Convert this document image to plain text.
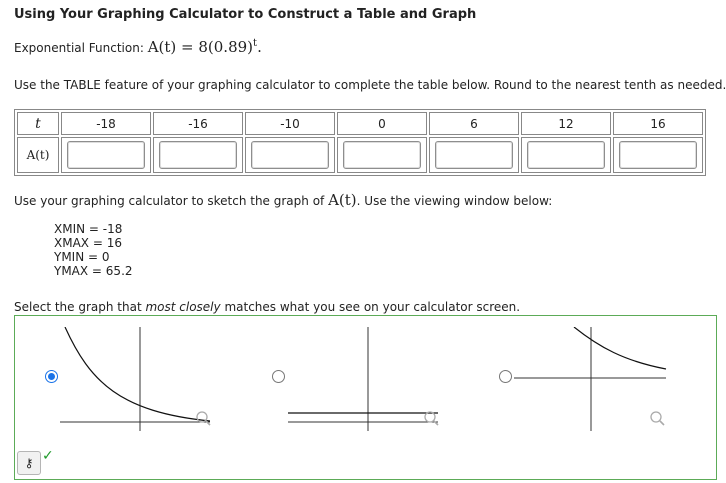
Using Your Graphing Calculator to Construct a Table and Graph
Exponential Function: $A(t) = 8(0.89)^t$.
Use the TABLE feature of your graphing calculator to complete the table below. Round to the nearest tenth as needed.
t	-18	-16	-10	0	6	12	16
A(t)	

Use your graphing calculator to sketch the graph of A(t). Use the viewing window below:
XMIN = -18
XMAX = 16
YMIN = 0
YMAX = 65.2
Select the graph that most closely matches what you see on your calculator screen.
⚷ ✓
